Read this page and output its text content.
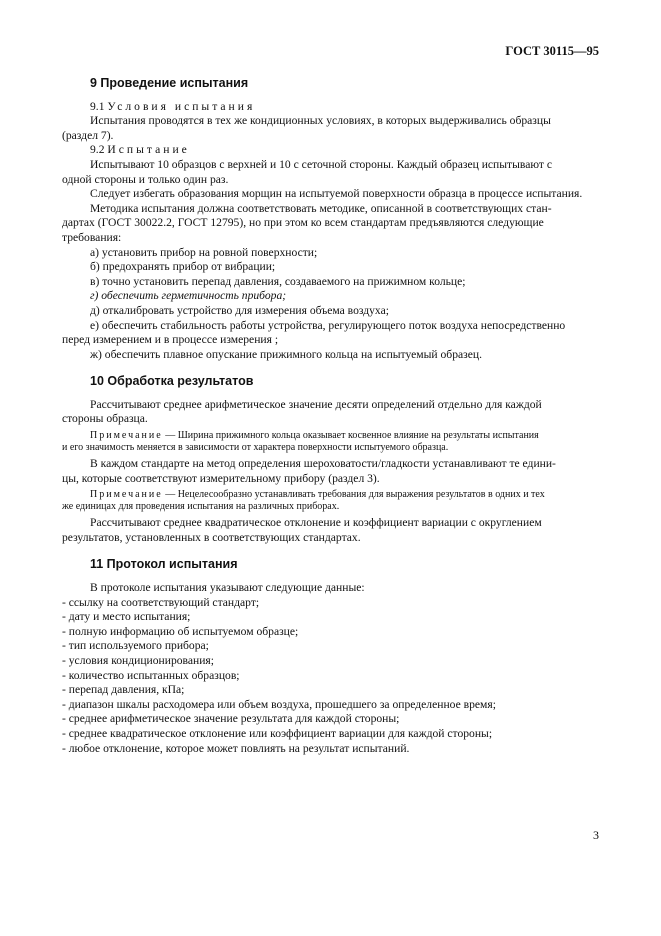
ГОСТ 30115—95
9 Проведение испытания

9.1 Условия испытания

Испытания проводятся в тех же кондиционных условиях, в которых выдерживались образцы

(раздел 7).

9.2 Испытание

Испытывают 10 образцов с верхней и 10 с сеточной стороны. Каждый образец испытывают с

одной стороны и только один раз.

Следует избегать образования морщин на испытуемой поверхности образца в процессе испытания.

Методика испытания должна соответствовать методике, описанной в соответствующих стан-

дартах (ГОСТ 30022.2, ГОСТ 12795), но при этом ко всем стандартам предъявляются следующие

требования:

а) установить прибор на ровной поверхности;

б) предохранять прибор от вибрации;

в) точно установить перепад давления, создаваемого на прижимном кольце;

г) обеспечить герметичность прибора;

д) откалибровать устройство для измерения объема воздуха;

е) обеспечить стабильность работы устройства, регулирующего поток воздуха непосредственно

перед измерением и в процессе измерения ;

ж) обеспечить плавное опускание прижимного кольца на испытуемый образец.

10 Обработка результатов

Рассчитывают среднее арифметическое значение десяти определений отдельно для каждой

стороны образца.

Примечание — Ширина прижимного кольца оказывает косвенное влияние на результаты испытания
и его значимость меняется в зависимости от характера поверхности испытуемого образца.

В каждом стандарте на метод определения шероховатости/гладкости устанавливают те едини-

цы, которые соответствуют измерительному прибору (раздел 3).

Примечание — Нецелесообразно устанавливать требования для выражения результатов в одних и тех
же единицах для проведения испытания на различных приборах.

Рассчитывают среднее квадратическое отклонение и коэффициент вариации с округлением

результатов, установленных в соответствующих стандартах.

11 Протокол испытания

В протоколе испытания указывают следующие данные:

- ссылку на соответствующий стандарт;
- дату и место испытания;
- полную информацию об испытуемом образце;
- тип используемого прибора;
- условия кондиционирования;
- количество испытанных образцов;
- перепад давления, кПа;
- диапазон шкалы расходомера или объем воздуха, прошедшего за определенное время;
- среднее арифметическое значение результата для каждой стороны;
- среднее квадратическое отклонение или коэффициент вариации для каждой стороны;
- любое отклонение, которое может повлиять на результат испытаний.
3
